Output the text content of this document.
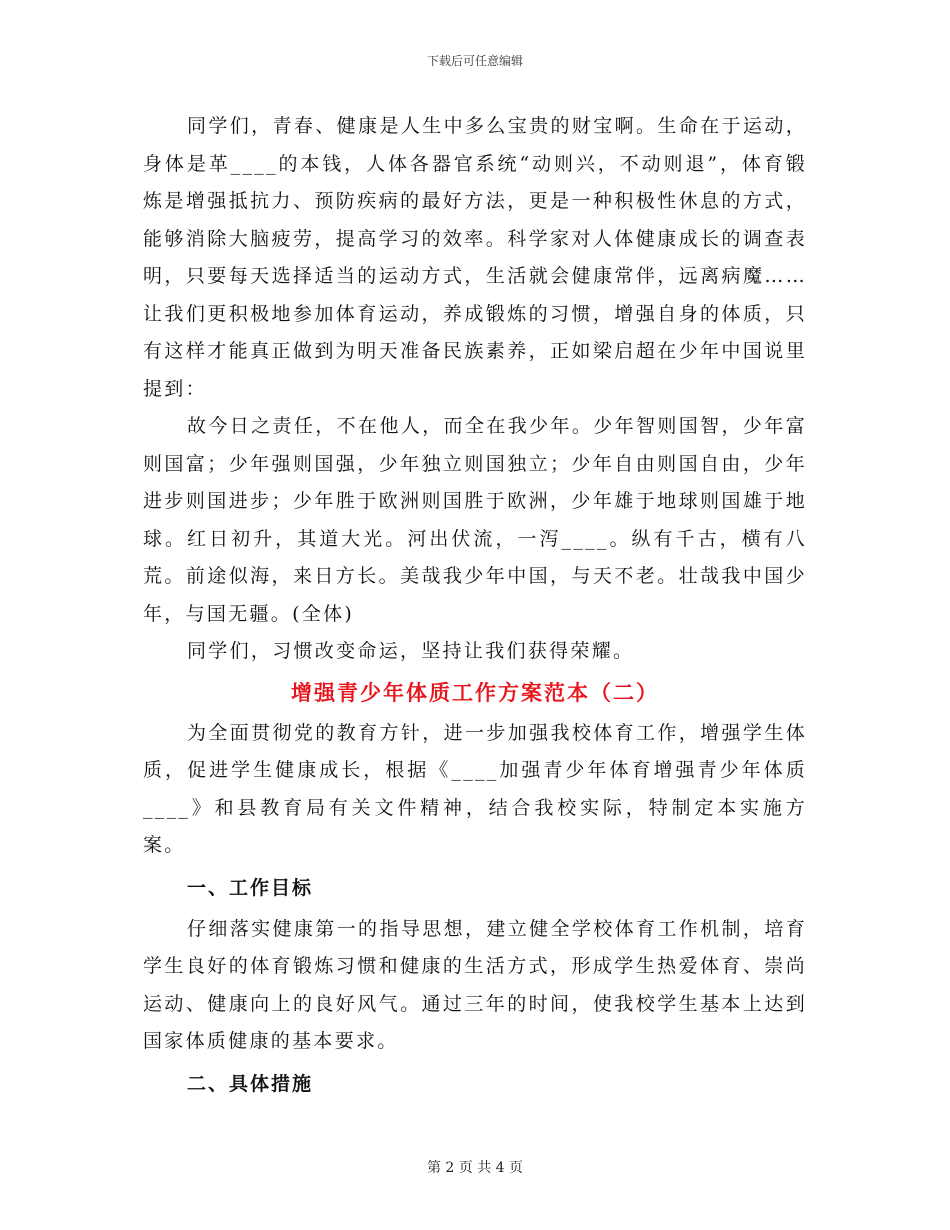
下载后可任意编辑

同学们，青春、健康是人生中多么宝贵的财宝啊。生命在于运动，身体是革____的本钱，人体各器官系统“动则兴，不动则退”，体育锻炼是增强抵抗力、预防疾病的最好方法，更是一种积极性休息的方式，能够消除大脑疲劳，提高学习的效率。科学家对人体健康成长的调查表明，只要每天选择适当的运动方式，生活就会健康常伴，远离病魔……让我们更积极地参加体育运动，养成锻炼的习惯，增强自身的体质，只有这样才能真正做到为明天准备民族素养，正如梁启超在少年中国说里提到：

故今日之责任，不在他人，而全在我少年。少年智则国智，少年富则国富；少年强则国强，少年独立则国独立；少年自由则国自由，少年进步则国进步；少年胜于欧洲则国胜于欧洲，少年雄于地球则国雄于地球。红日初升，其道大光。河出伏流，一泻____。纵有千古，横有八荒。前途似海，来日方长。美哉我少年中国，与天不老。壮哉我中国少年，与国无疆。(全体)

同学们，习惯改变命运，坚持让我们获得荣耀。

增强青少年体质工作方案范本（二）

为全面贯彻党的教育方针，进一步加强我校体育工作，增强学生体质，促进学生健康成长，根据《____加强青少年体育增强青少年体质____》和县教育局有关文件精神，结合我校实际，特制定本实施方案。

一、工作目标

仔细落实健康第一的指导思想，建立健全学校体育工作机制，培育学生良好的体育锻炼习惯和健康的生活方式，形成学生热爱体育、崇尚运动、健康向上的良好风气。通过三年的时间，使我校学生基本上达到国家体质健康的基本要求。

二、具体措施
第 2 页 共 4 页
